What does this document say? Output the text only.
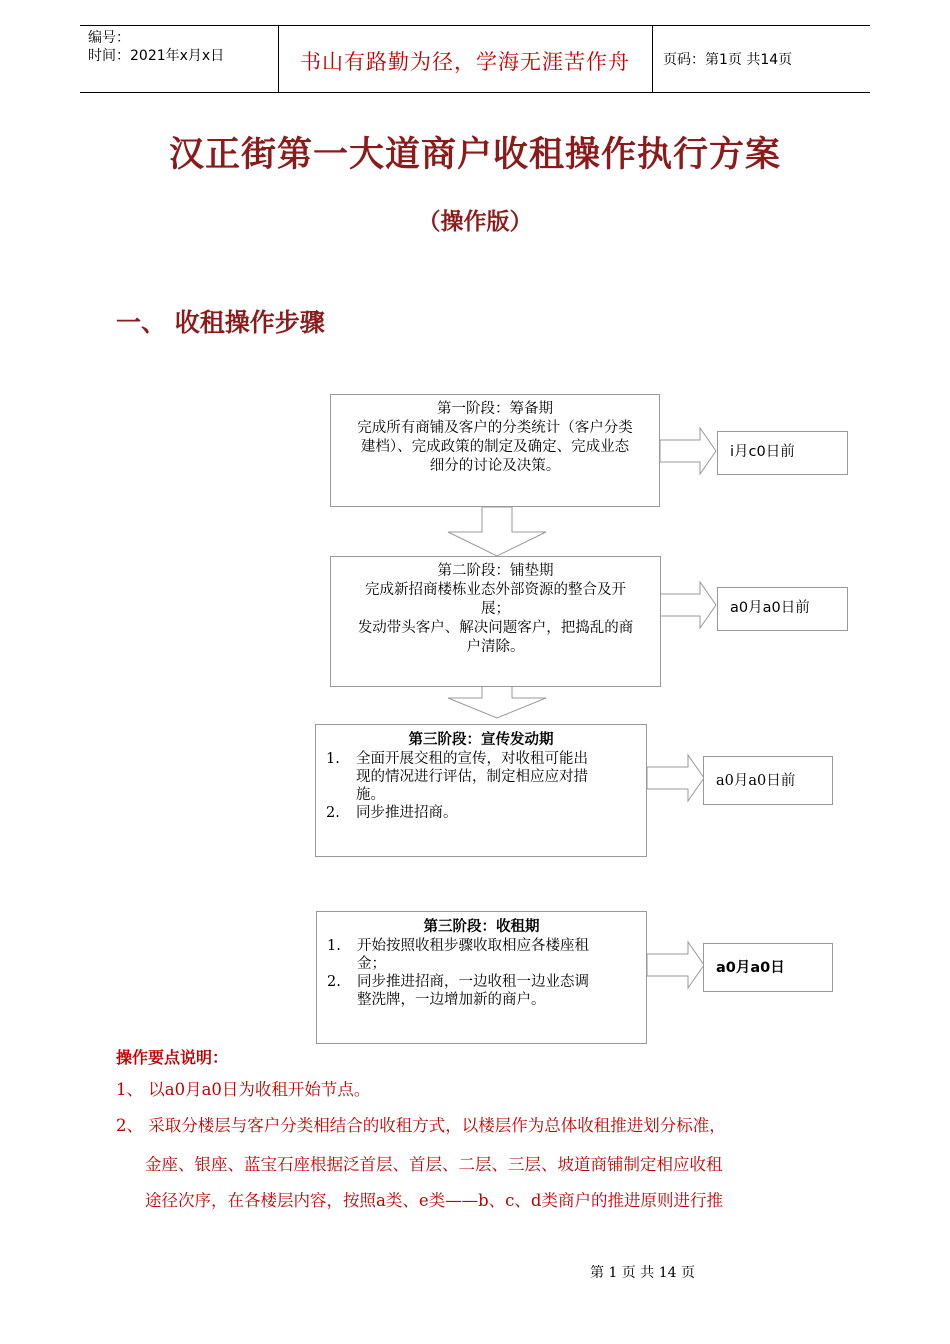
编号：
时间：2021年x月x日	书山有路勤为径，学海无涯苦作舟 页码：第1页 共14页
汉正街第一大道商户收租操作执行方案
（操作版）
一、 收租操作步骤
第一阶段：筹备期
完成所有商铺及客户的分类统计（客户分类
建档）、完成政策的制定及确定、完成业态
细分的讨论及决策。
i月c0日前
第二阶段：铺垫期
完成新招商楼栋业态外部资源的整合及开
展；
发动带头客户、解决问题客户，把捣乱的商
户清除。
a0月a0日前
第三阶段：宣传发动期
1.	全面开展交租的宣传，对收租可能出
现的情况进行评估，制定相应应对措
施。
2.	同步推进招商。
a0月a0日前
第三阶段：收租期
1.	开始按照收租步骤收取相应各楼座租
金；
2.	同步推进招商，一边收租一边业态调
整洗牌，一边增加新的商户。
a0月a0日
操作要点说明：
1、 以a0月a0日为收租开始节点。
2、 采取分楼层与客户分类相结合的收租方式，以楼层作为总体收租推进划分标准，
金座、银座、蓝宝石座根据泛首层、首层、二层、三层、坡道商铺制定相应收租
途径次序，在各楼层内容，按照a类、e类——b、c、d类商户的推进原则进行推
第 1 页 共 14 页
